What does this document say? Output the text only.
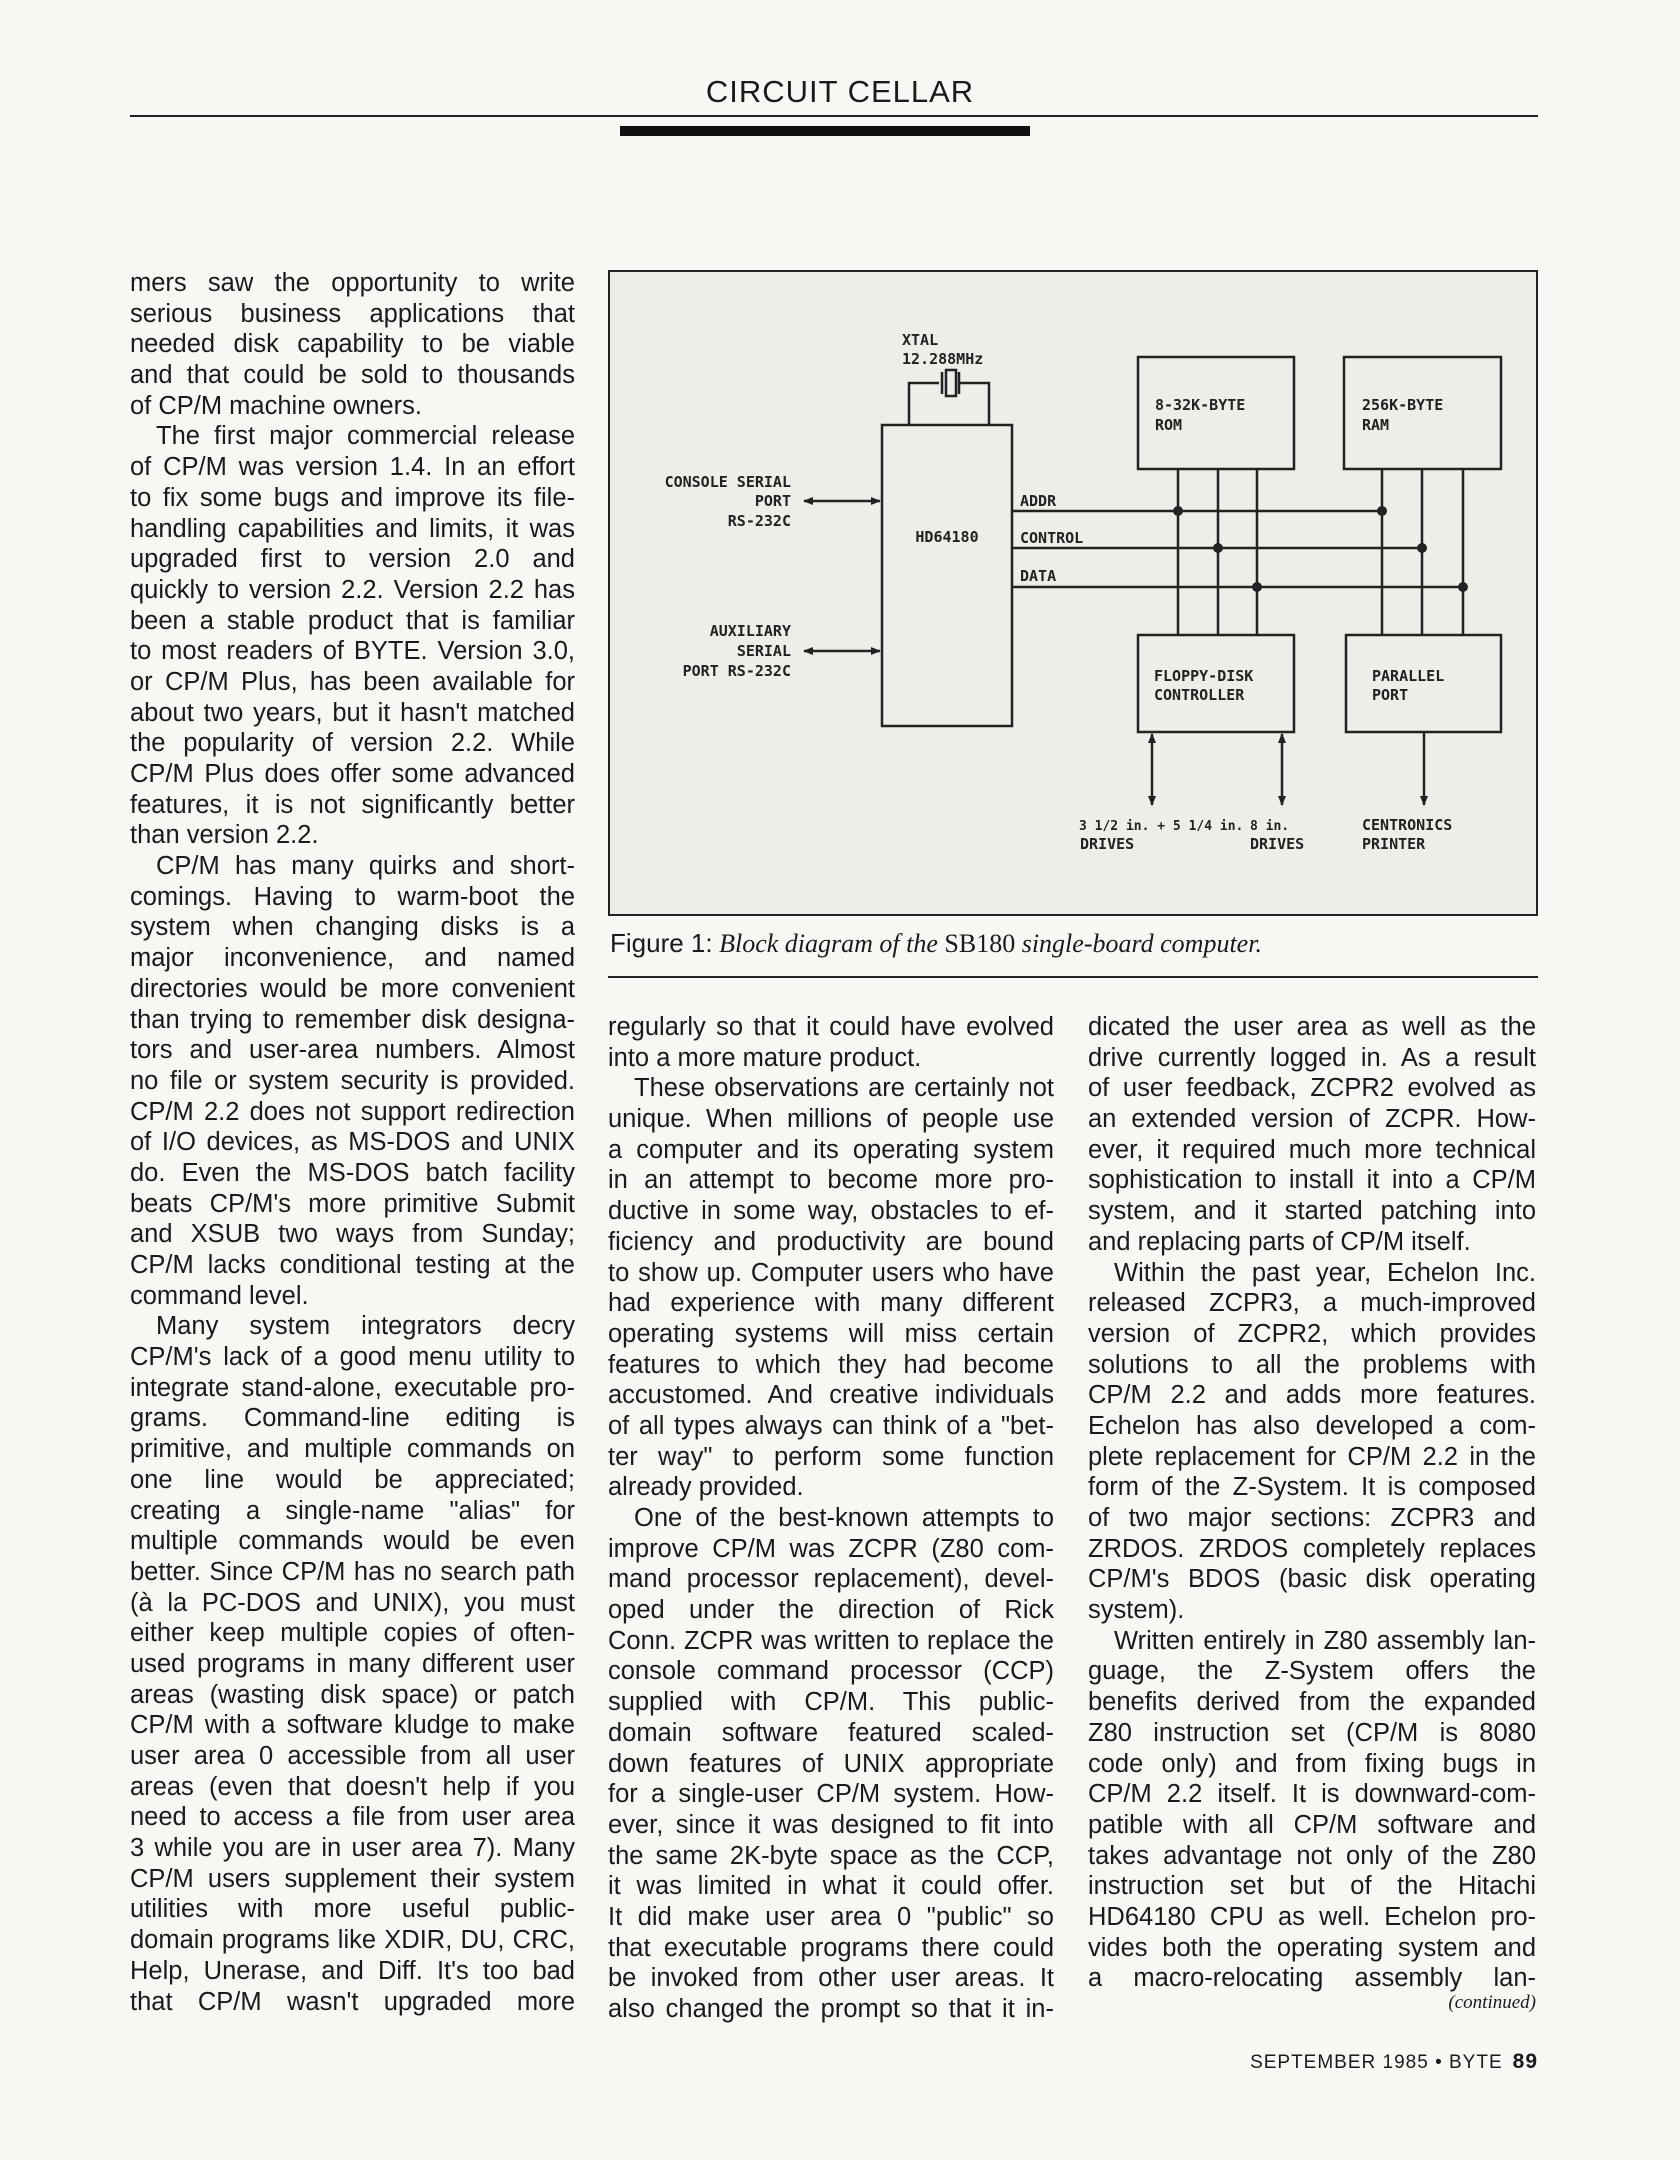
CIRCUIT CELLAR
mers saw the opportunity to write
serious business applications that
needed disk capability to be viable
and that could be sold to thousands
of CP/M machine owners.
The first major commercial release
of CP/M was version 1.4. In an effort
to fix some bugs and improve its file-
handling capabilities and limits, it was
upgraded first to version 2.0 and
quickly to version 2.2. Version 2.2 has
been a stable product that is familiar
to most readers of BYTE. Version 3.0,
or CP/M Plus, has been available for
about two years, but it hasn't matched
the popularity of version 2.2. While
CP/M Plus does offer some advanced
features, it is not significantly better
than version 2.2.
CP/M has many quirks and short-
comings. Having to warm-boot the
system when changing disks is a
major inconvenience, and named
directories would be more convenient
than trying to remember disk designa-
tors and user-area numbers. Almost
no file or system security is provided.
CP/M 2.2 does not support redirection
of I/O devices, as MS-DOS and UNIX
do. Even the MS-DOS batch facility
beats CP/M's more primitive Submit
and XSUB two ways from Sunday;
CP/M lacks conditional testing at the
command level.
Many system integrators decry
CP/M's lack of a good menu utility to
integrate stand-alone, executable pro-
grams. Command-line editing is
primitive, and multiple commands on
one line would be appreciated;
creating a single-name "alias" for
multiple commands would be even
better. Since CP/M has no search path
(à la PC-DOS and UNIX), you must
either keep multiple copies of often-
used programs in many different user
areas (wasting disk space) or patch
CP/M with a software kludge to make
user area 0 accessible from all user
areas (even that doesn't help if you
need to access a file from user area
3 while you are in user area 7). Many
CP/M users supplement their system
utilities with more useful public-
domain programs like XDIR, DU, CRC,
Help, Unerase, and Diff. It's too bad
that CP/M wasn't upgraded more
XTAL
12.288MHz
HD64180
CONSOLE SERIAL
PORT
RS-232C
AUXILIARY
SERIAL
PORT RS-232C
ADDR
CONTROL
DATA
8-32K-BYTE
ROM
256K-BYTE
RAM
FLOPPY-DISK
CONTROLLER
PARALLEL
PORT
3 1/2 in. + 5 1/4 in.
DRIVES
8 in.
DRIVES
CENTRONICS
PRINTER
Figure 1: Block diagram of the SB180 single-board computer.
regularly so that it could have evolved
into a more mature product.
These observations are certainly not
unique. When millions of people use
a computer and its operating system
in an attempt to become more pro-
ductive in some way, obstacles to ef-
ficiency and productivity are bound
to show up. Computer users who have
had experience with many different
operating systems will miss certain
features to which they had become
accustomed. And creative individuals
of all types always can think of a "bet-
ter way" to perform some function
already provided.
One of the best-known attempts to
improve CP/M was ZCPR (Z80 com-
mand processor replacement), devel-
oped under the direction of Rick
Conn. ZCPR was written to replace the
console command processor (CCP)
supplied with CP/M. This public-
domain software featured scaled-
down features of UNIX appropriate
for a single-user CP/M system. How-
ever, since it was designed to fit into
the same 2K-byte space as the CCP,
it was limited in what it could offer.
It did make user area 0 "public" so
that executable programs there could
be invoked from other user areas. It
also changed the prompt so that it in-
dicated the user area as well as the
drive currently logged in. As a result
of user feedback, ZCPR2 evolved as
an extended version of ZCPR. How-
ever, it required much more technical
sophistication to install it into a CP/M
system, and it started patching into
and replacing parts of CP/M itself.
Within the past year, Echelon Inc.
released ZCPR3, a much-improved
version of ZCPR2, which provides
solutions to all the problems with
CP/M 2.2 and adds more features.
Echelon has also developed a com-
plete replacement for CP/M 2.2 in the
form of the Z-System. It is composed
of two major sections: ZCPR3 and
ZRDOS. ZRDOS completely replaces
CP/M's BDOS (basic disk operating
system).
Written entirely in Z80 assembly lan-
guage, the Z-System offers the
benefits derived from the expanded
Z80 instruction set (CP/M is 8080
code only) and from fixing bugs in
CP/M 2.2 itself. It is downward-com-
patible with all CP/M software and
takes advantage not only of the Z80
instruction set but of the Hitachi
HD64180 CPU as well. Echelon pro-
vides both the operating system and
a macro-relocating assembly lan-
(continued)
SEPTEMBER 1985 • BYTE 89
